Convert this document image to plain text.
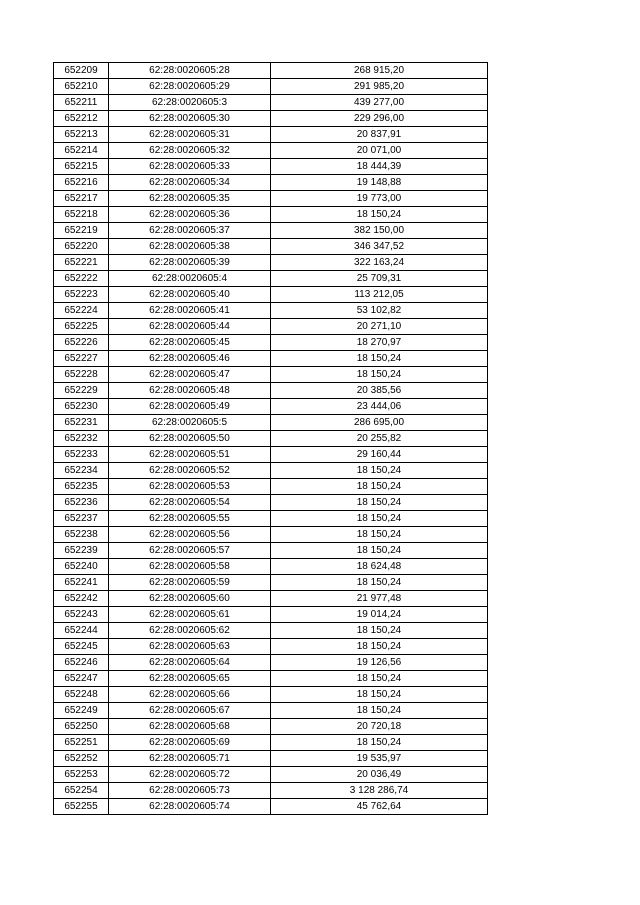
652209	62:28:0020605:28	268 915,20
652210	62:28:0020605:29	291 985,20
652211	62:28:0020605:3	439 277,00
652212	62:28:0020605:30	229 296,00
652213	62:28:0020605:31	20 837,91
652214	62:28:0020605:32	20 071,00
652215	62:28:0020605:33	18 444,39
652216	62:28:0020605:34	19 148,88
652217	62:28:0020605:35	19 773,00
652218	62:28:0020605:36	18 150,24
652219	62:28:0020605:37	382 150,00
652220	62:28:0020605:38	346 347,52
652221	62:28:0020605:39	322 163,24
652222	62:28:0020605:4	25 709,31
652223	62:28:0020605:40	113 212,05
652224	62:28:0020605:41	53 102,82
652225	62:28:0020605:44	20 271,10
652226	62:28:0020605:45	18 270,97
652227	62:28:0020605:46	18 150,24
652228	62:28:0020605:47	18 150,24
652229	62:28:0020605:48	20 385,56
652230	62:28:0020605:49	23 444,06
652231	62:28:0020605:5	286 695,00
652232	62:28:0020605:50	20 255,82
652233	62:28:0020605:51	29 160,44
652234	62:28:0020605:52	18 150,24
652235	62:28:0020605:53	18 150,24
652236	62:28:0020605:54	18 150,24
652237	62:28:0020605:55	18 150,24
652238	62:28:0020605:56	18 150,24
652239	62:28:0020605:57	18 150,24
652240	62:28:0020605:58	18 624,48
652241	62:28:0020605:59	18 150,24
652242	62:28:0020605:60	21 977,48
652243	62:28:0020605:61	19 014,24
652244	62:28:0020605:62	18 150,24
652245	62:28:0020605:63	18 150,24
652246	62:28:0020605:64	19 126,56
652247	62:28:0020605:65	18 150,24
652248	62:28:0020605:66	18 150,24
652249	62:28:0020605:67	18 150,24
652250	62:28:0020605:68	20 720,18
652251	62:28:0020605:69	18 150,24
652252	62:28:0020605:71	19 535,97
652253	62:28:0020605:72	20 036,49
652254	62:28:0020605:73	3 128 286,74
652255	62:28:0020605:74	45 762,64
